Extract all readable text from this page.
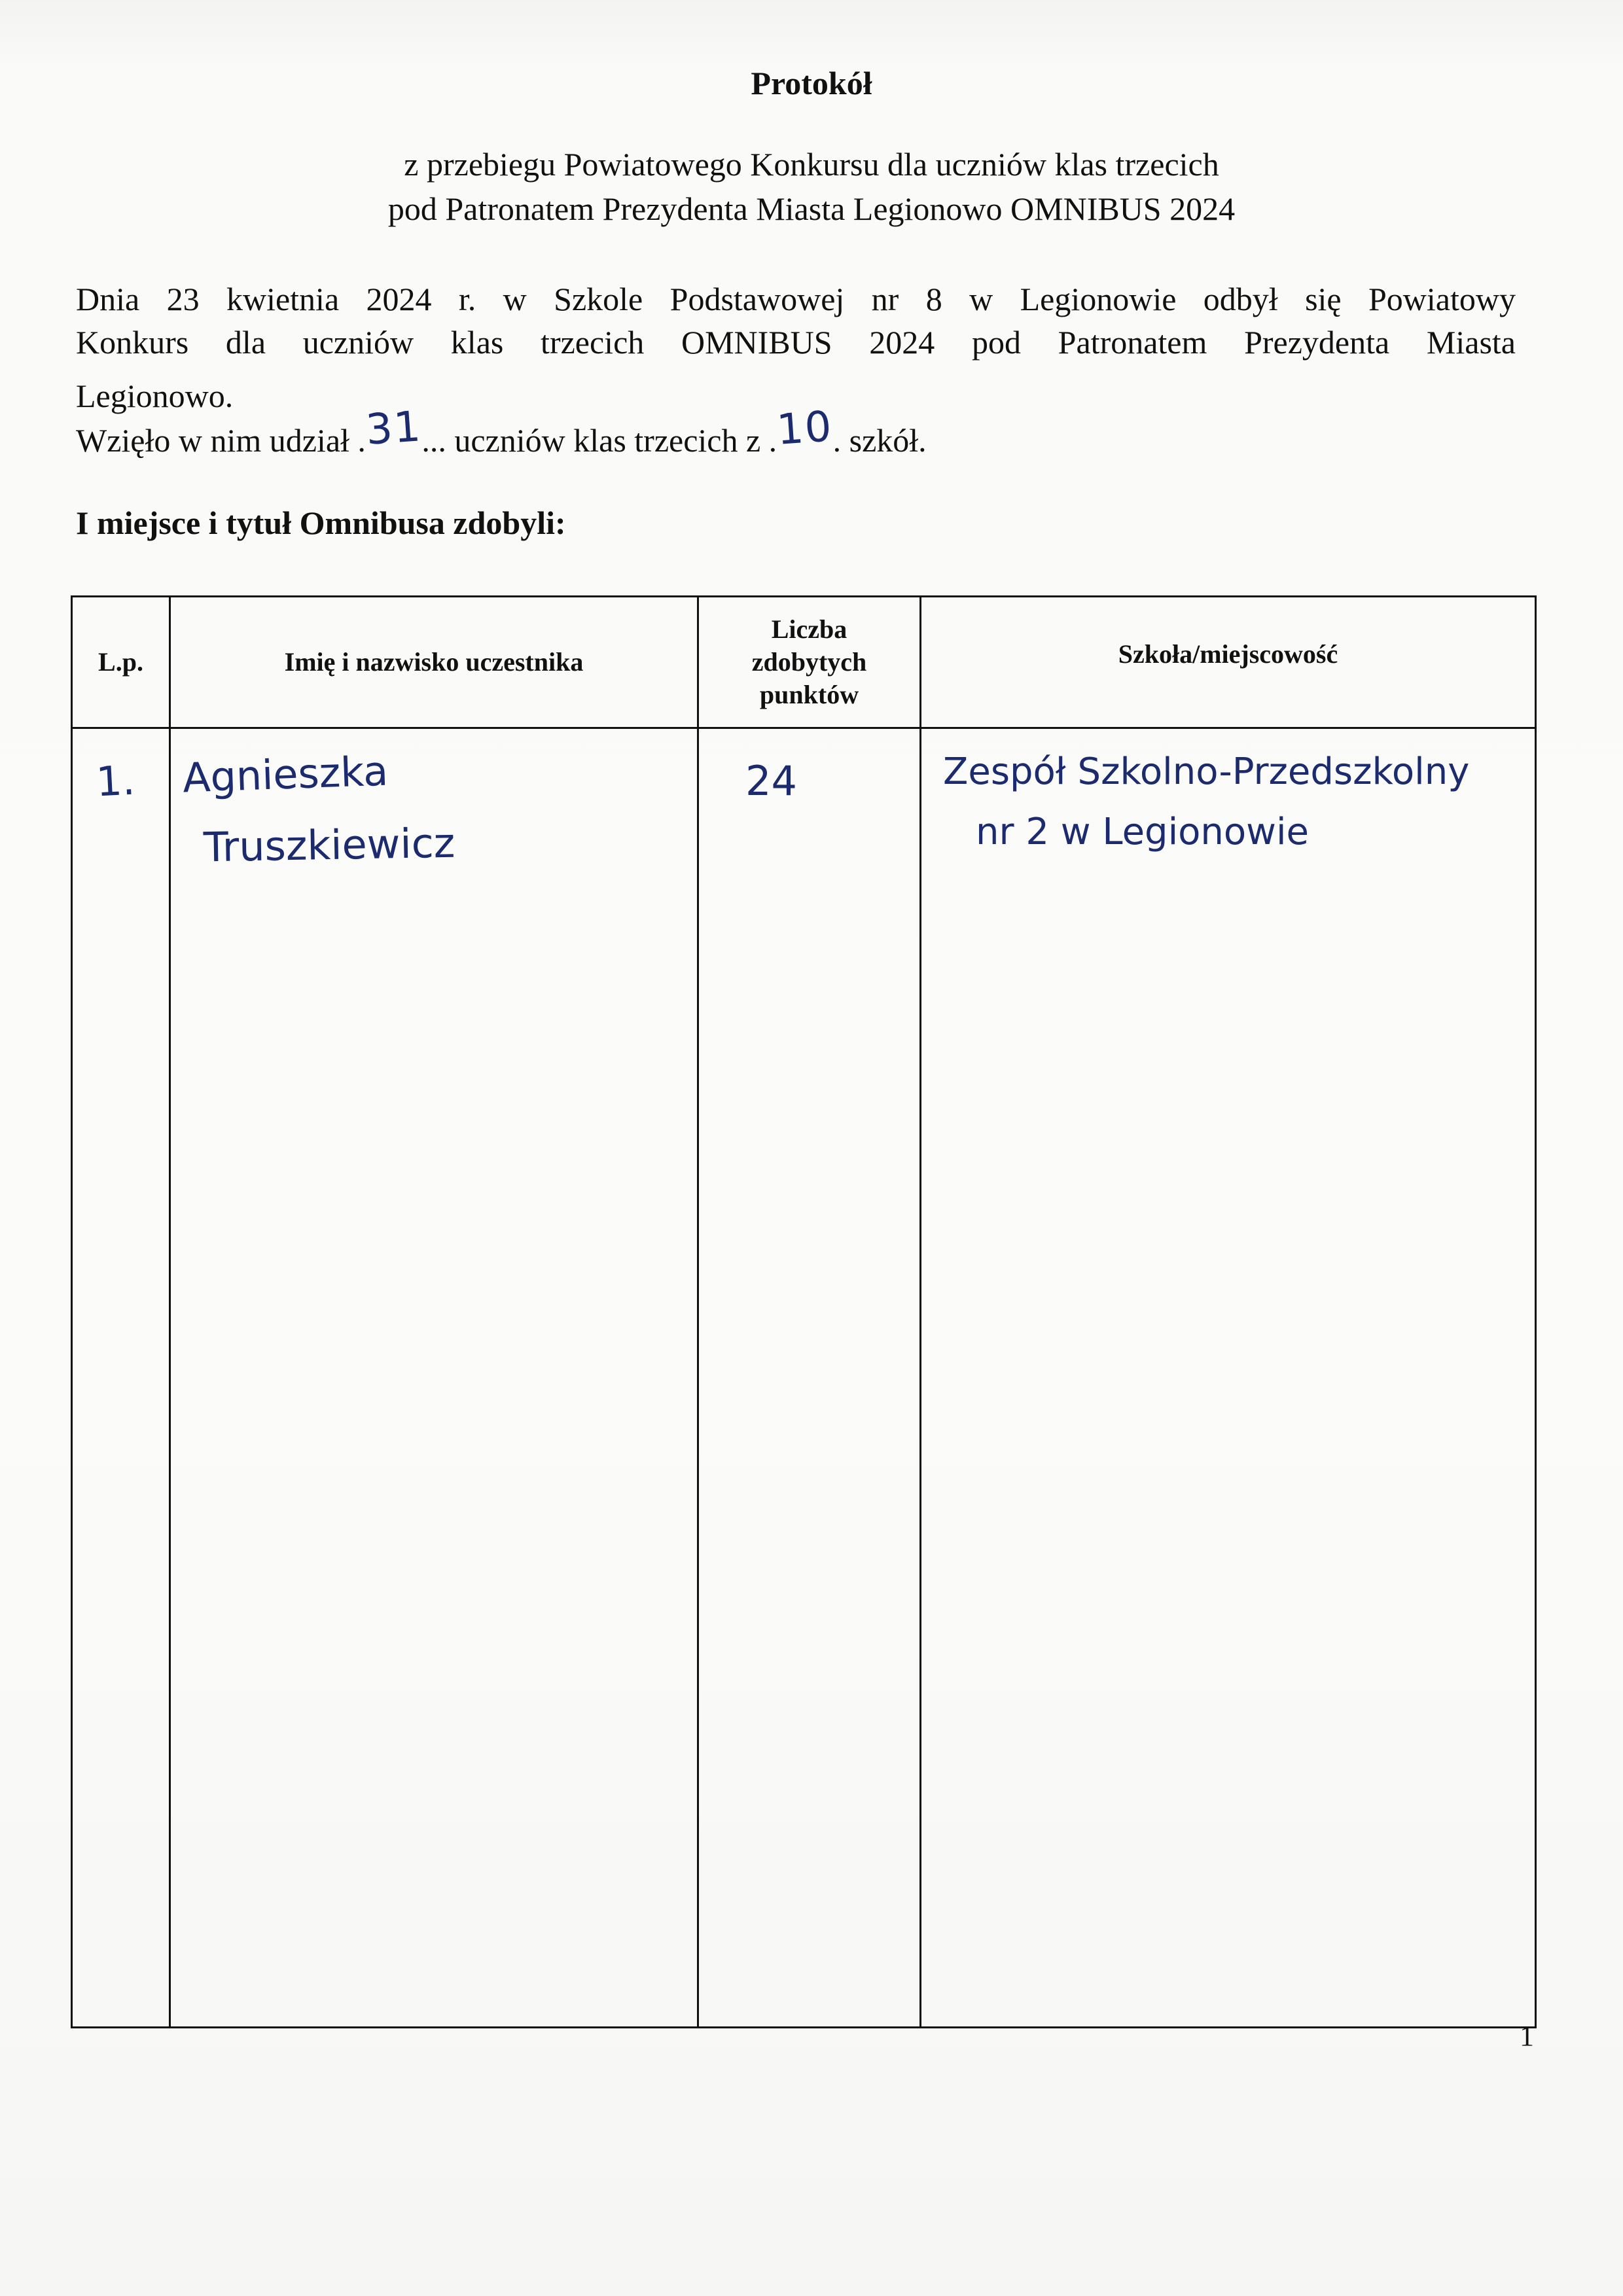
Protokół
z przebiegu Powiatowego Konkursu dla uczniów klas trzecich
pod Patronatem Prezydenta Miasta Legionowo OMNIBUS 2024
Dnia 23 kwietnia 2024 r. w Szkole Podstawowej nr 8 w Legionowie odbył się Powiatowy
Konkurs dla uczniów klas trzecich OMNIBUS 2024 pod Patronatem Prezydenta Miasta
Legionowo.
Wzięło w nim udział .31... uczniów klas trzecich z .10. szkół.
I miejsce i tytuł Omnibusa zdobyli:
L.p.	Imię i nazwisko uczestnika
Liczba
zdobytych
punktów
Szkoła/miejscowość
1. Agnieszka
Truszkiewicz
24	Zespół Szkolno-Przedszkolny
nr 2 w Legionowie
1
